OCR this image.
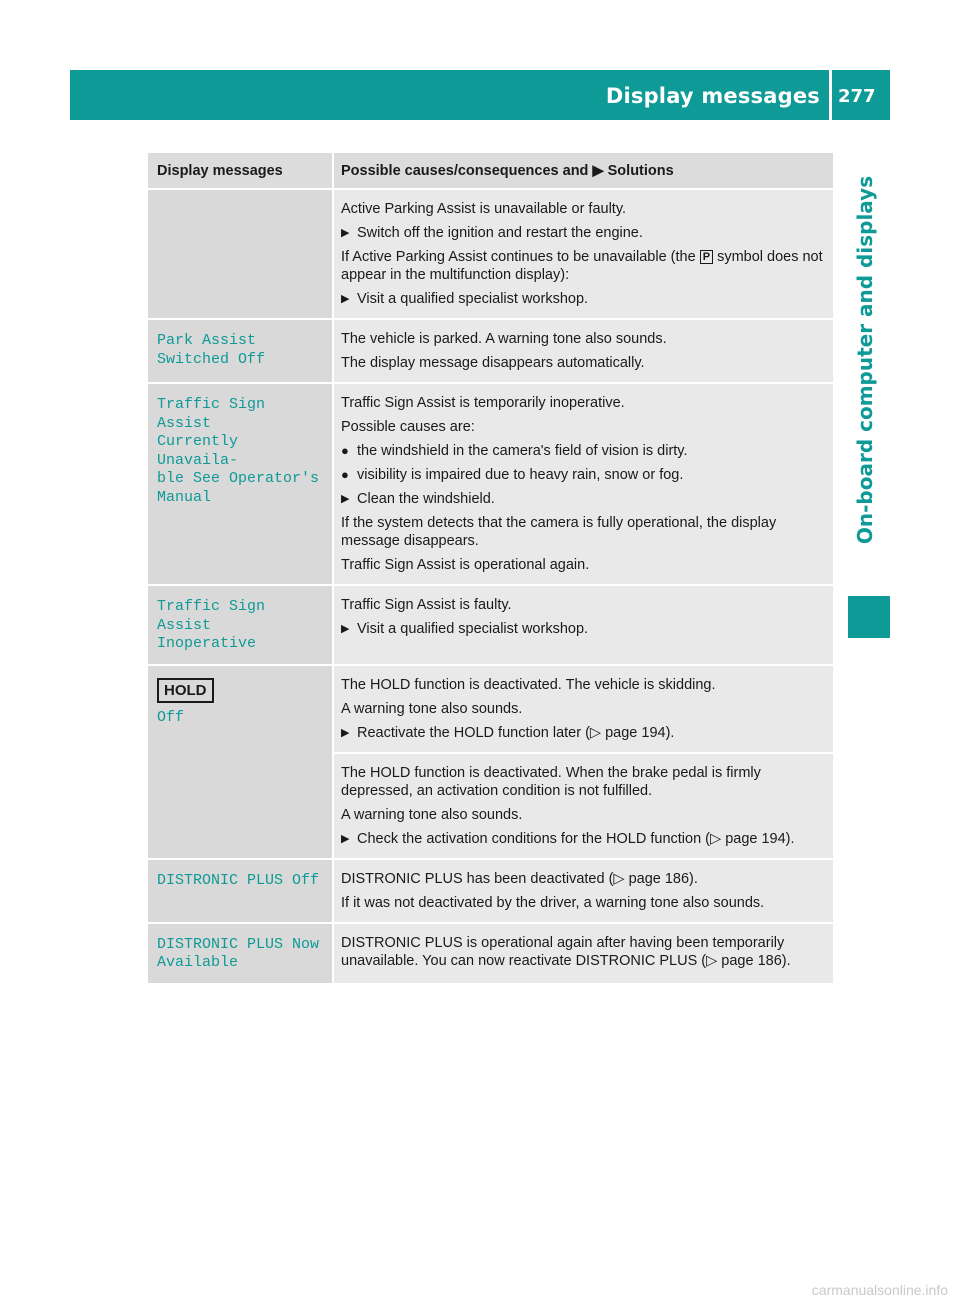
Display messages 277
On-board computer and displays
Display messages	Possible causes/consequences and ▶ Solutions

Active Parking Assist is unavailable or faulty.

▶ Switch off the ignition and restart the engine.

If Active Parking Assist continues to be unavailable (the P symbol does not appear in the multifunction display):

▶ Visit a qualified specialist workshop.
Park Assist
Switched Off

The vehicle is parked. A warning tone also sounds.

The display message disappears automatically.

Traffic Sign Assist
Currently Unavaila‐
ble See Operator's
Manual

Traffic Sign Assist is temporarily inoperative.

Possible causes are:

● the windshield in the camera's field of vision is dirty.
● visibility is impaired due to heavy rain, snow or fog.
▶ Clean the windshield.

If the system detects that the camera is fully operational, the display message disappears.

Traffic Sign Assist is operational again.

Traffic Sign Assist
Inoperative

Traffic Sign Assist is faulty.

▶ Visit a qualified specialist workshop.
HOLD
Off

The HOLD function is deactivated. The vehicle is skidding.

A warning tone also sounds.

▶ Reactivate the HOLD function later (▷ page 194).

The HOLD function is deactivated. When the brake pedal is firmly depressed, an activation condition is not fulfilled.

A warning tone also sounds.

▶ Check the activation conditions for the HOLD function (▷ page 194).
DISTRONIC PLUS Off DISTRONIC PLUS has been deactivated (▷ page 186).

If it was not deactivated by the driver, a warning tone also sounds.

DISTRONIC PLUS Now
Available

DISTRONIC PLUS is operational again after having been temporarily unavailable. You can now reactivate DISTRONIC PLUS (▷ page 186).

carmanualsonline.info
